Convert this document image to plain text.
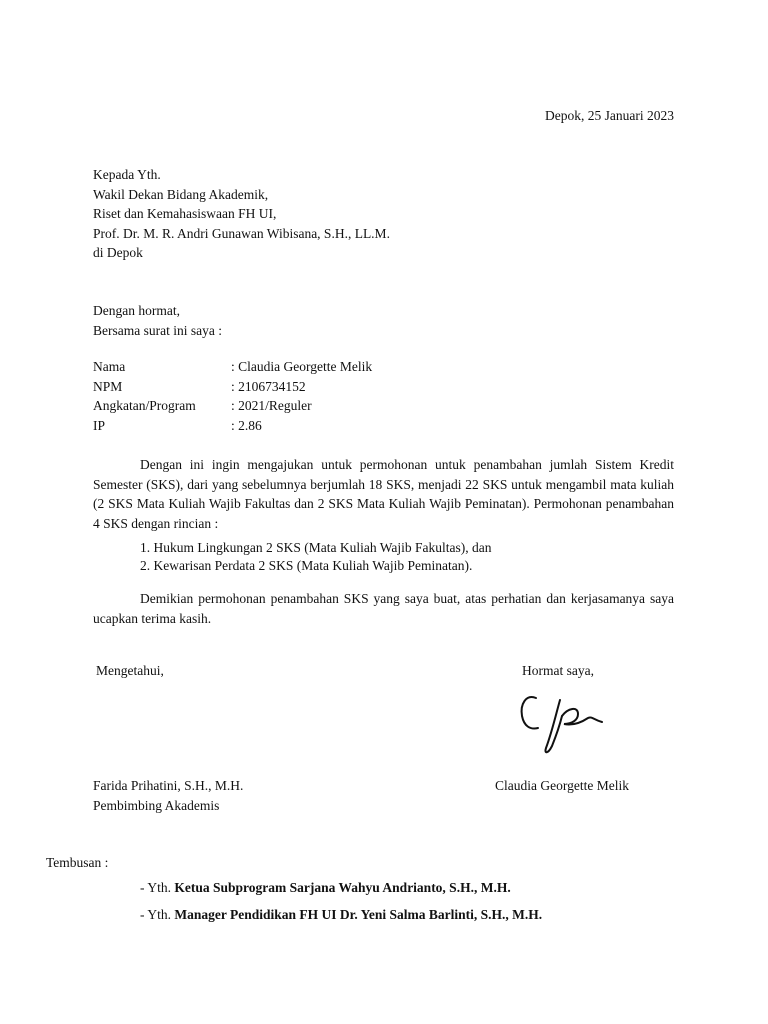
Depok, 25 Januari 2023
Kepada Yth.
Wakil Dekan Bidang Akademik,
Riset dan Kemahasiswaan FH UI,
Prof. Dr. M. R. Andri Gunawan Wibisana, S.H., LL.M.
di Depok
Dengan hormat,
Bersama surat ini saya :
Nama	: Claudia Georgette Melik
NPM	: 2106734152
Angkatan/Program	: 2021/Reguler
IP	: 2.86
Dengan ini ingin mengajukan untuk permohonan untuk penambahan jumlah Sistem Kredit Semester (SKS), dari yang sebelumnya berjumlah 18 SKS, menjadi 22 SKS untuk mengambil mata kuliah (2 SKS Mata Kuliah Wajib Fakultas dan 2 SKS Mata Kuliah Wajib Peminatan). Permohonan penambahan 4 SKS dengan rincian :
1. Hukum Lingkungan 2 SKS (Mata Kuliah Wajib Fakultas), dan
2. Kewarisan Perdata 2 SKS (Mata Kuliah Wajib Peminatan).
Demikian permohonan penambahan SKS yang saya buat, atas perhatian dan kerjasamanya saya ucapkan terima kasih.
Mengetahui,	Hormat saya,
Farida Prihatini, S.H., M.H.
Pembimbing Akademis
Claudia Georgette Melik
Tembusan :
- Yth. Ketua Subprogram Sarjana Wahyu Andrianto, S.H., M.H.
- Yth. Manager Pendidikan FH UI Dr. Yeni Salma Barlinti, S.H., M.H.
